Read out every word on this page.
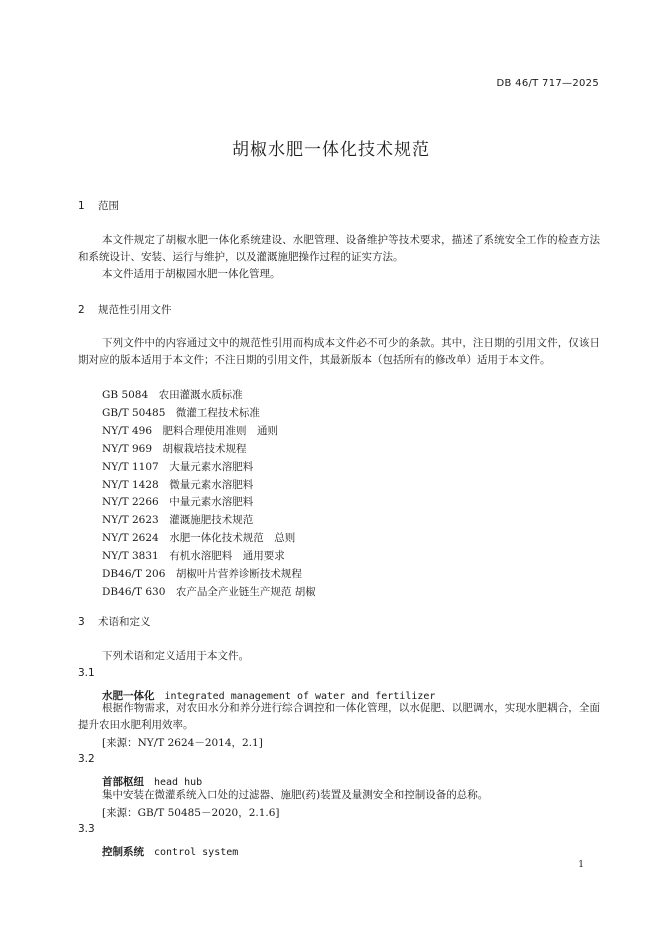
DB 46/T 717—2025
胡椒水肥一体化技术规范
1 范围
本文件规定了胡椒水肥一体化系统建设、水肥管理、设备维护等技术要求，描述了系统安全工作的检查方法和系统设计、安装、运行与维护，以及灌溉施肥操作过程的证实方法。
本文件适用于胡椒园水肥一体化管理。
2 规范性引用文件
下列文件中的内容通过文中的规范性引用而构成本文件必不可少的条款。其中，注日期的引用文件，仅该日期对应的版本适用于本文件；不注日期的引用文件，其最新版本（包括所有的修改单）适用于本文件。
GB 5084　农田灌溉水质标准
GB/T 50485　微灌工程技术标准
NY/T 496　肥料合理使用准则　通则
NY/T 969　胡椒栽培技术规程
NY/T 1107　大量元素水溶肥料
NY/T 1428　微量元素水溶肥料
NY/T 2266　中量元素水溶肥料
NY/T 2623　灌溉施肥技术规范
NY/T 2624　水肥一体化技术规范　总则
NY/T 3831　有机水溶肥料　通用要求
DB46/T 206　胡椒叶片营养诊断技术规程
DB46/T 630　农产品全产业链生产规范 胡椒
3 术语和定义
下列术语和定义适用于本文件。
3.1
水肥一体化 integrated management of water and fertilizer
根据作物需求，对农田水分和养分进行综合调控和一体化管理，以水促肥、以肥调水，实现水肥耦合，全面提升农田水肥利用效率。
[来源：NY/T 2624－2014，2.1]
3.2
首部枢纽 head hub
集中安装在微灌系统入口处的过滤器、施肥(药)装置及量测安全和控制设备的总称。
[来源：GB/T 50485－2020，2.1.6]
3.3
控制系统 control system
1
